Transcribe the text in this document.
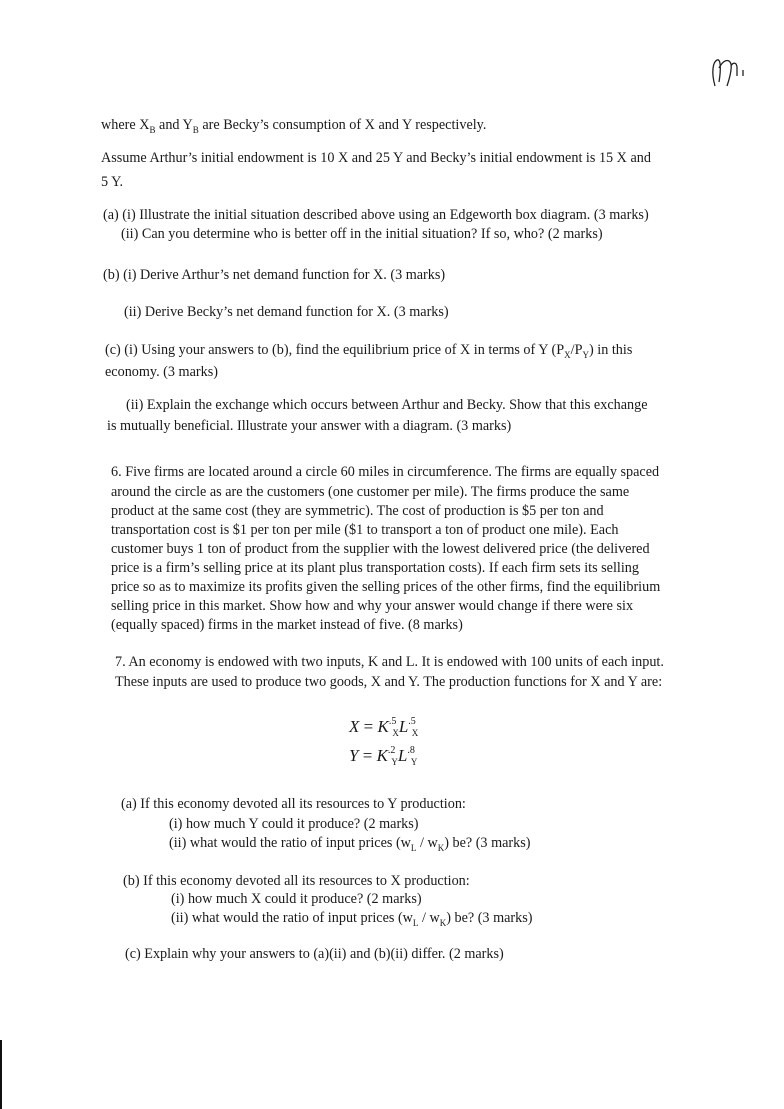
where $X_B$ and $Y_B$ are Becky’s consumption of X and Y respectively.
Assume Arthur’s initial endowment is 10 X and 25 Y and Becky’s initial endowment is 15 X and
5 Y.
(a) (i) Illustrate the initial situation described above using an Edgeworth box diagram. (3 marks)
(ii) Can you determine who is better off in the initial situation? If so, who? (2 marks)
(b) (i) Derive Arthur’s net demand function for X. (3 marks)
(ii) Derive Becky’s net demand function for X. (3 marks)
(c) (i) Using your answers to (b), find the equilibrium price of X in terms of Y $(P_X/P_Y)$ in this
economy. (3 marks)
(ii) Explain the exchange which occurs between Arthur and Becky. Show that this exchange
is mutually beneficial. Illustrate your answer with a diagram. (3 marks)
6. Five firms are located around a circle 60 miles in circumference. The firms are equally spaced
around the circle as are the customers (one customer per mile). The firms produce the same
product at the same cost (they are symmetric). The cost of production is $5 per ton and
transportation cost is $1 per ton per mile ($1 to transport a ton of product one mile). Each
customer buys 1 ton of product from the supplier with the lowest delivered price (the delivered
price is a firm’s selling price at its plant plus transportation costs). If each firm sets its selling
price so as to maximize its profits given the selling prices of the other firms, find the equilibrium
selling price in this market. Show how and why your answer would change if there were six
(equally spaced) firms in the market instead of five. (8 marks)
7. An economy is endowed with two inputs, K and L. It is endowed with 100 units of each input.
These inputs are used to produce two goods, X and Y. The production functions for X and Y are:
$X = K^{.5}_XL^{.5}_X$
$Y = K^{.2}_YL^{.8}_Y$
(a) If this economy devoted all its resources to Y production:
(i) how much Y could it produce? (2 marks)
(ii) what would the ratio of input prices $(w_L / w_K)$ be? (3 marks)
(b) If this economy devoted all its resources to X production:
(i) how much X could it produce? (2 marks)
(ii) what would the ratio of input prices $(w_L / w_K)$ be? (3 marks)
(c) Explain why your answers to (a)(ii) and (b)(ii) differ. (2 marks)
